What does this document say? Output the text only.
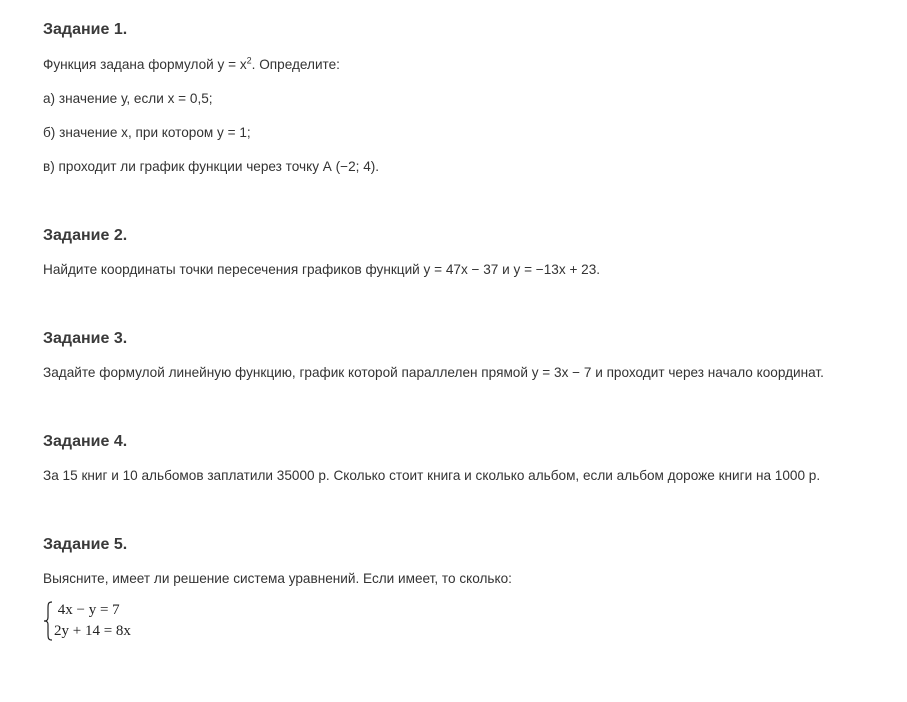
Задание 1.

Функция задана формулой $у = х^2$. Определите:

а) значение у, если х = 0,5;

б) значение х, при котором у = 1;

в) проходит ли график функции через точку А (−2; 4).

Задание 2.

Найдите координаты точки пересечения графиков функций у = 47х − 37 и у = −13х + 23.

Задание 3.

Задайте формулой линейную функцию, график которой параллелен прямой у = 3х − 7 и проходит через начало координат.

Задание 4.

За 15 книг и 10 альбомов заплатили 35000 р. Сколько стоит книга и сколько альбом, если альбом дороже книги на 1000 р.

Задание 5.

Выясните, имеет ли решение система уравнений. Если имеет, то сколько:

4x − y = 7
2y + 14 = 8x
